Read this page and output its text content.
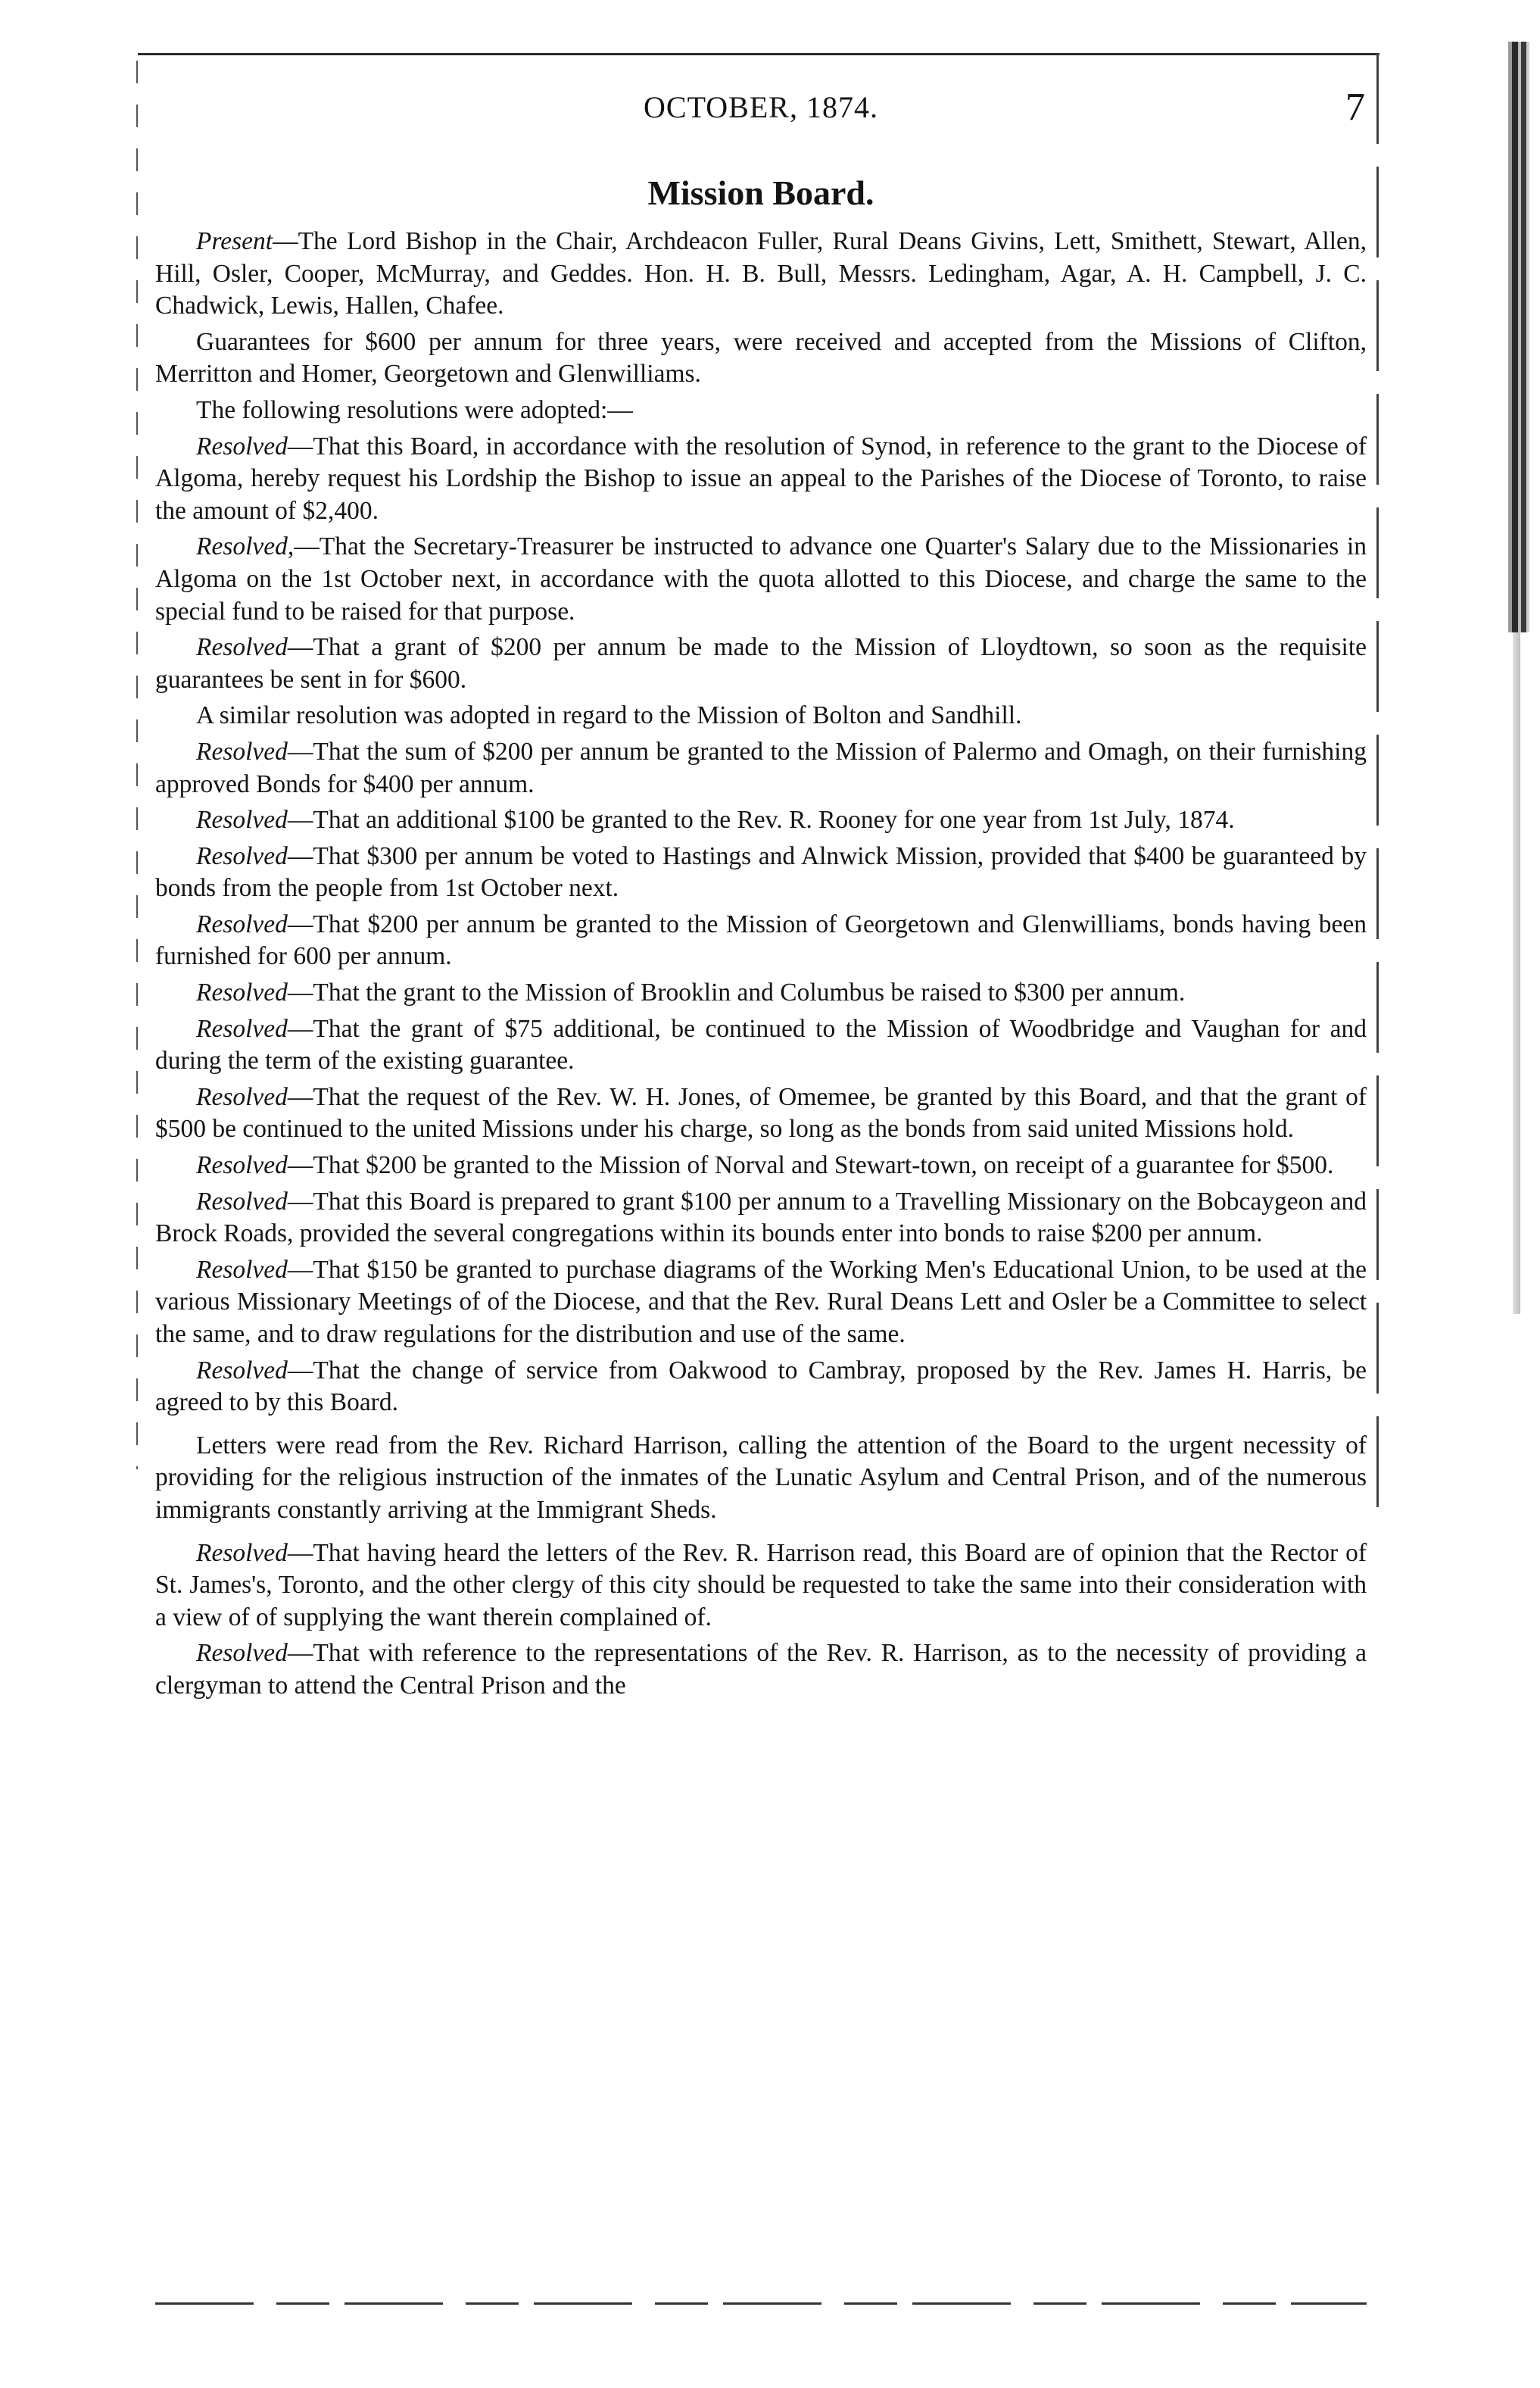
OCTOBER, 1874.	7
Mission Board.

Present—The Lord Bishop in the Chair, Archdeacon Fuller, Rural Deans Givins, Lett, Smithett, Stewart, Allen, Hill, Osler, Cooper, McMurray, and Geddes. Hon. H. B. Bull, Messrs. Ledingham, Agar, A. H. Campbell, J. C. Chadwick, Lewis, Hallen, Chafee.

Guarantees for $600 per annum for three years, were received and accepted from the Missions of Clifton, Merritton and Homer, Georgetown and Glenwilliams.

The following resolutions were adopted:—

Resolved—That this Board, in accordance with the resolution of Synod, in reference to the grant to the Diocese of Algoma, hereby request his Lordship the Bishop to issue an appeal to the Parishes of the Diocese of Toronto, to raise the amount of $2,400.

Resolved,—That the Secretary-Treasurer be instructed to advance one Quarter's Salary due to the Missionaries in Algoma on the 1st October next, in accordance with the quota allotted to this Diocese, and charge the same to the special fund to be raised for that purpose.

Resolved—That a grant of $200 per annum be made to the Mission of Lloydtown, so soon as the requisite guarantees be sent in for $600.

A similar resolution was adopted in regard to the Mission of Bolton and Sandhill.

Resolved—That the sum of $200 per annum be granted to the Mission of Palermo and Omagh, on their furnishing approved Bonds for $400 per annum.

Resolved—That an additional $100 be granted to the Rev. R. Rooney for one year from 1st July, 1874.

Resolved—That $300 per annum be voted to Hastings and Alnwick Mission, provided that $400 be guaranteed by bonds from the people from 1st October next.

Resolved—That $200 per annum be granted to the Mission of Georgetown and Glenwilliams, bonds having been furnished for 600 per annum.

Resolved—That the grant to the Mission of Brooklin and Columbus be raised to $300 per annum.

Resolved—That the grant of $75 additional, be continued to the Mission of Woodbridge and Vaughan for and during the term of the existing guarantee.

Resolved—That the request of the Rev. W. H. Jones, of Omemee, be granted by this Board, and that the grant of $500 be continued to the united Missions under his charge, so long as the bonds from said united Missions hold.

Resolved—That $200 be granted to the Mission of Norval and Stewart-town, on receipt of a guarantee for $500.

Resolved—That this Board is prepared to grant $100 per annum to a Travelling Missionary on the Bobcaygeon and Brock Roads, provided the several congregations within its bounds enter into bonds to raise $200 per annum.

Resolved—That $150 be granted to purchase diagrams of the Working Men's Educational Union, to be used at the various Missionary Meetings of of the Diocese, and that the Rev. Rural Deans Lett and Osler be a Committee to select the same, and to draw regulations for the distribution and use of the same.

Resolved—That the change of service from Oakwood to Cambray, proposed by the Rev. James H. Harris, be agreed to by this Board.

Letters were read from the Rev. Richard Harrison, calling the attention of the Board to the urgent necessity of providing for the religious instruction of the inmates of the Lunatic Asylum and Central Prison, and of the numerous immigrants constantly arriving at the Immigrant Sheds.

Resolved—That having heard the letters of the Rev. R. Harrison read, this Board are of opinion that the Rector of St. James's, Toronto, and the other clergy of this city should be requested to take the same into their consideration with a view of of supplying the want therein complained of.

Resolved—That with reference to the representations of the Rev. R. Harrison, as to the necessity of providing a clergyman to attend the Central Prison and the
